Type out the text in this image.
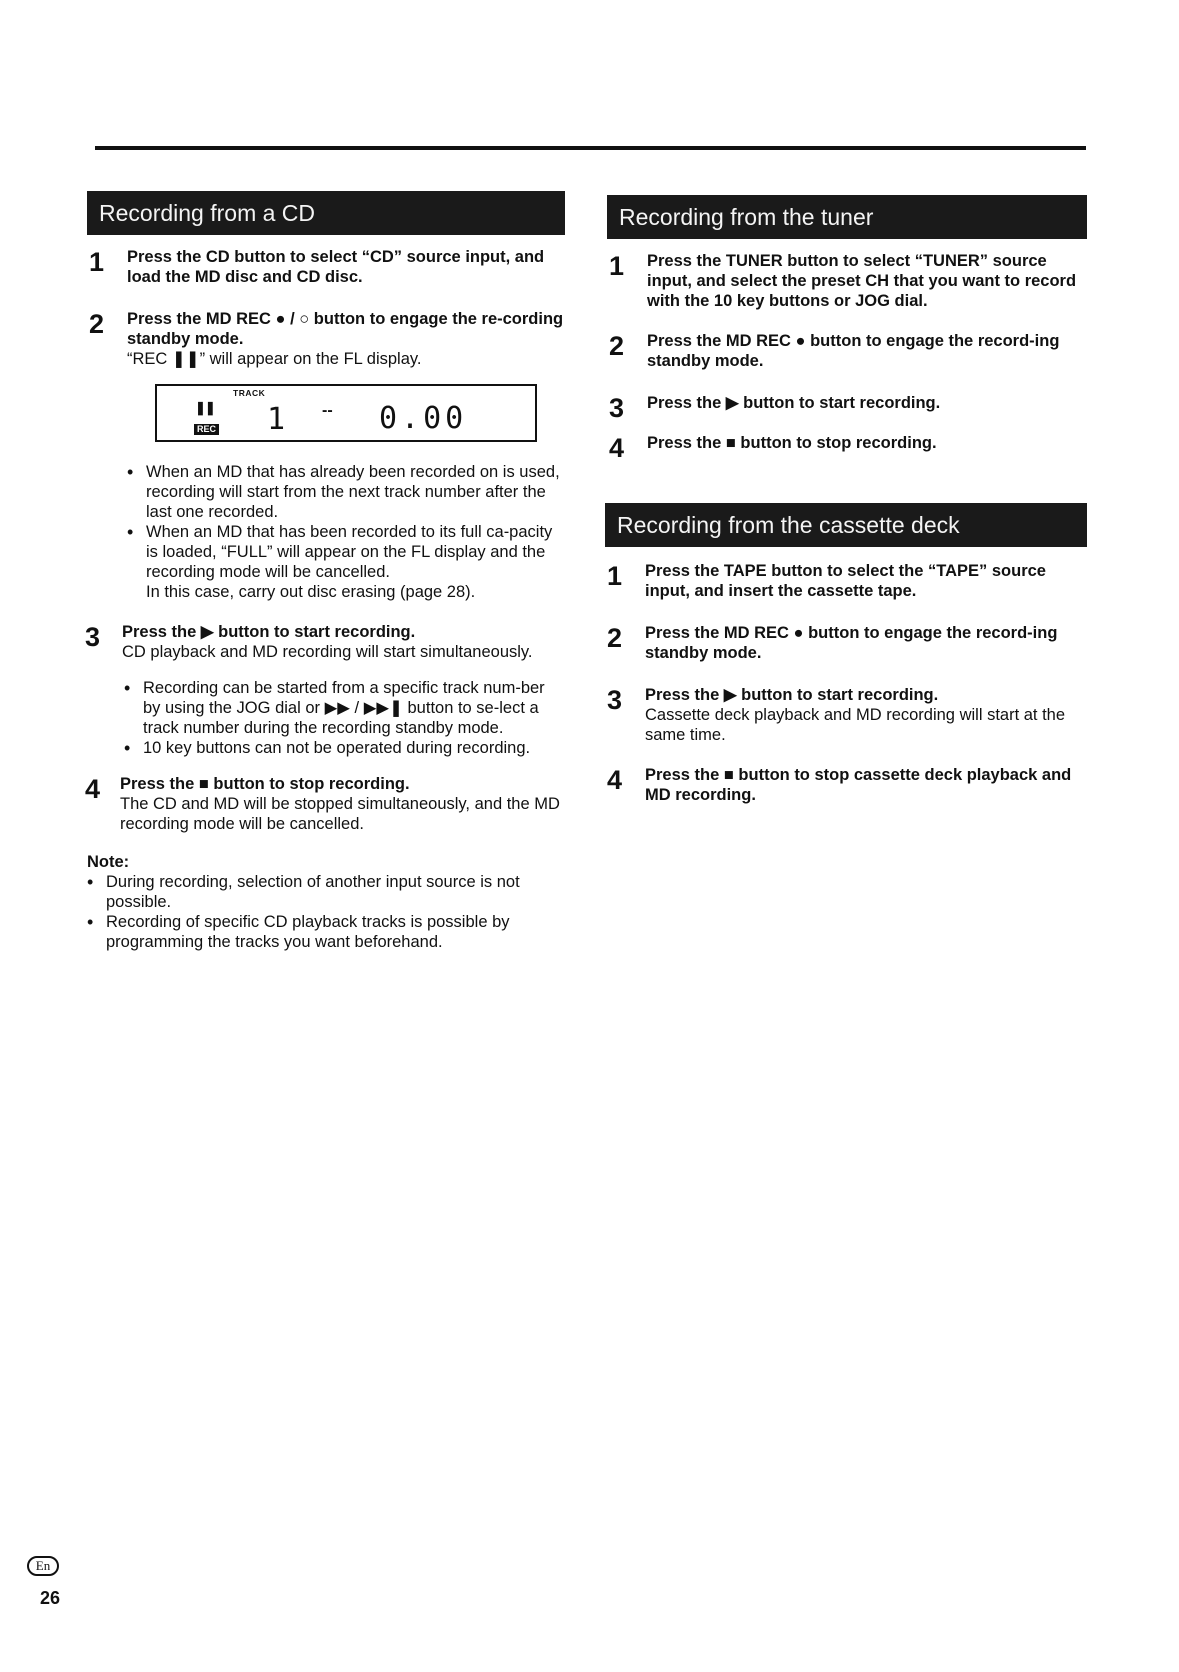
Recording from a CD
1 Press the CD button to select “CD” source input, and load the MD disc and CD disc.
2 Press the MD REC ● / ○ button to engage the re-cording standby mode.
“REC ❚❚” will appear on the FL display.
TRACK
❚❚
REC 1 -- 0.00
• When an MD that has already been recorded on is used, recording will start from the next track number after the last one recorded.
• When an MD that has been recorded to its full ca-pacity is loaded, “FULL” will appear on the FL display and the recording mode will be cancelled.
In this case, carry out disc erasing (page 28).
3 Press the ▶ button to start recording.
CD playback and MD recording will start simultaneously.
• Recording can be started from a specific track num-ber by using the JOG dial or ▶▶ / ▶▶❚ button to se-lect a track number during the recording standby mode.
• 10 key buttons can not be operated during recording.
4 Press the ■ button to stop recording.
The CD and MD will be stopped simultaneously, and the MD recording mode will be cancelled.
Note:
• During recording, selection of another input source is not possible.
• Recording of specific CD playback tracks is possible by programming the tracks you want beforehand.
Recording from the tuner
1 Press the TUNER button to select “TUNER” source input, and select the preset CH that you want to record with the 10 key buttons or JOG dial.
2 Press the MD REC ● button to engage the record-ing standby mode.
3 Press the ▶ button to start recording.
4 Press the ■ button to stop recording.
Recording from the cassette deck
1 Press the TAPE button to select the “TAPE” source input, and insert the cassette tape.
2 Press the MD REC ● button to engage the record-ing standby mode.
3 Press the ▶ button to start recording.
Cassette deck playback and MD recording will start at the same time.
4 Press the ■ button to stop cassette deck playback and MD recording.
En
26
